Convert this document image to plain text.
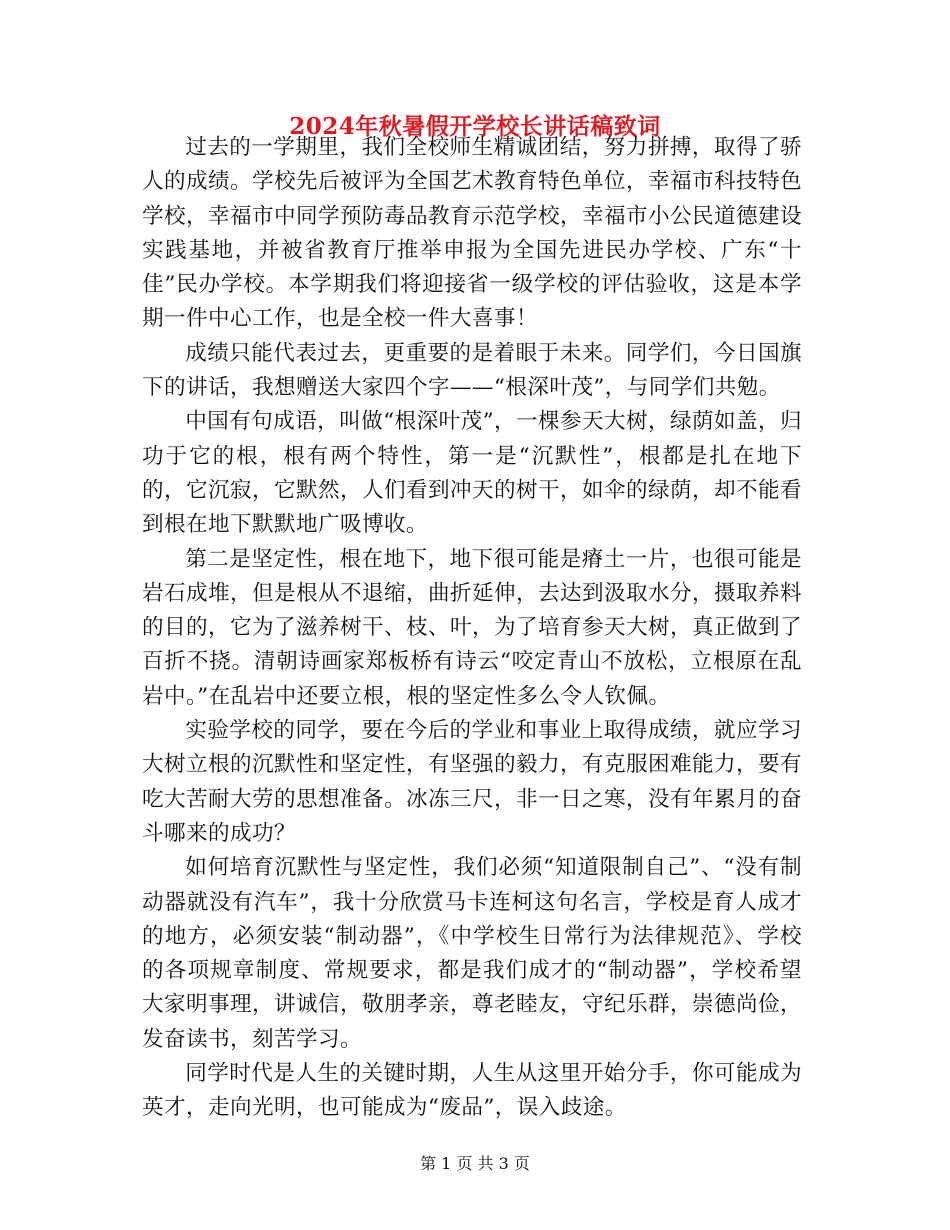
2024年秋暑假开学校长讲话稿致词

过去的一学期里，我们全校师生精诚团结，努力拼搏，取得了骄人的成绩。学校先后被评为全国艺术教育特色单位，幸福市科技特色学校，幸福市中同学预防毒品教育示范学校，幸福市小公民道德建设实践基地，并被省教育厅推举申报为全国先进民办学校、广东“十佳”民办学校。本学期我们将迎接省一级学校的评估验收，这是本学期一件中心工作，也是全校一件大喜事！

成绩只能代表过去，更重要的是着眼于未来。同学们，今日国旗下的讲话，我想赠送大家四个字——“根深叶茂”，与同学们共勉。

中国有句成语，叫做“根深叶茂”，一棵参天大树，绿荫如盖，归功于它的根，根有两个特性，第一是“沉默性”，根都是扎在地下的，它沉寂，它默然，人们看到冲天的树干，如伞的绿荫，却不能看到根在地下默默地广吸博收。

第二是坚定性，根在地下，地下很可能是瘠土一片，也很可能是岩石成堆，但是根从不退缩，曲折延伸，去达到汲取水分，摄取养料的目的，它为了滋养树干、枝、叶，为了培育参天大树，真正做到了百折不挠。清朝诗画家郑板桥有诗云“咬定青山不放松，立根原在乱岩中。”在乱岩中还要立根，根的坚定性多么令人钦佩。

实验学校的同学，要在今后的学业和事业上取得成绩，就应学习大树立根的沉默性和坚定性，有坚强的毅力，有克服困难能力，要有吃大苦耐大劳的思想准备。冰冻三尺，非一日之寒，没有年累月的奋斗哪来的成功？

如何培育沉默性与坚定性，我们必须“知道限制自己”、“没有制动器就没有汽车”，我十分欣赏马卡连柯这句名言，学校是育人成才的地方，必须安装“制动器”，《中学校生日常行为法律规范》、学校的各项规章制度、常规要求，都是我们成才的“制动器”，学校希望大家明事理，讲诚信，敬朋孝亲，尊老睦友，守纪乐群，崇德尚俭，发奋读书，刻苦学习。

同学时代是人生的关键时期，人生从这里开始分手，你可能成为英才，走向光明，也可能成为“废品”，误入歧途。

第 1 页 共 3 页
